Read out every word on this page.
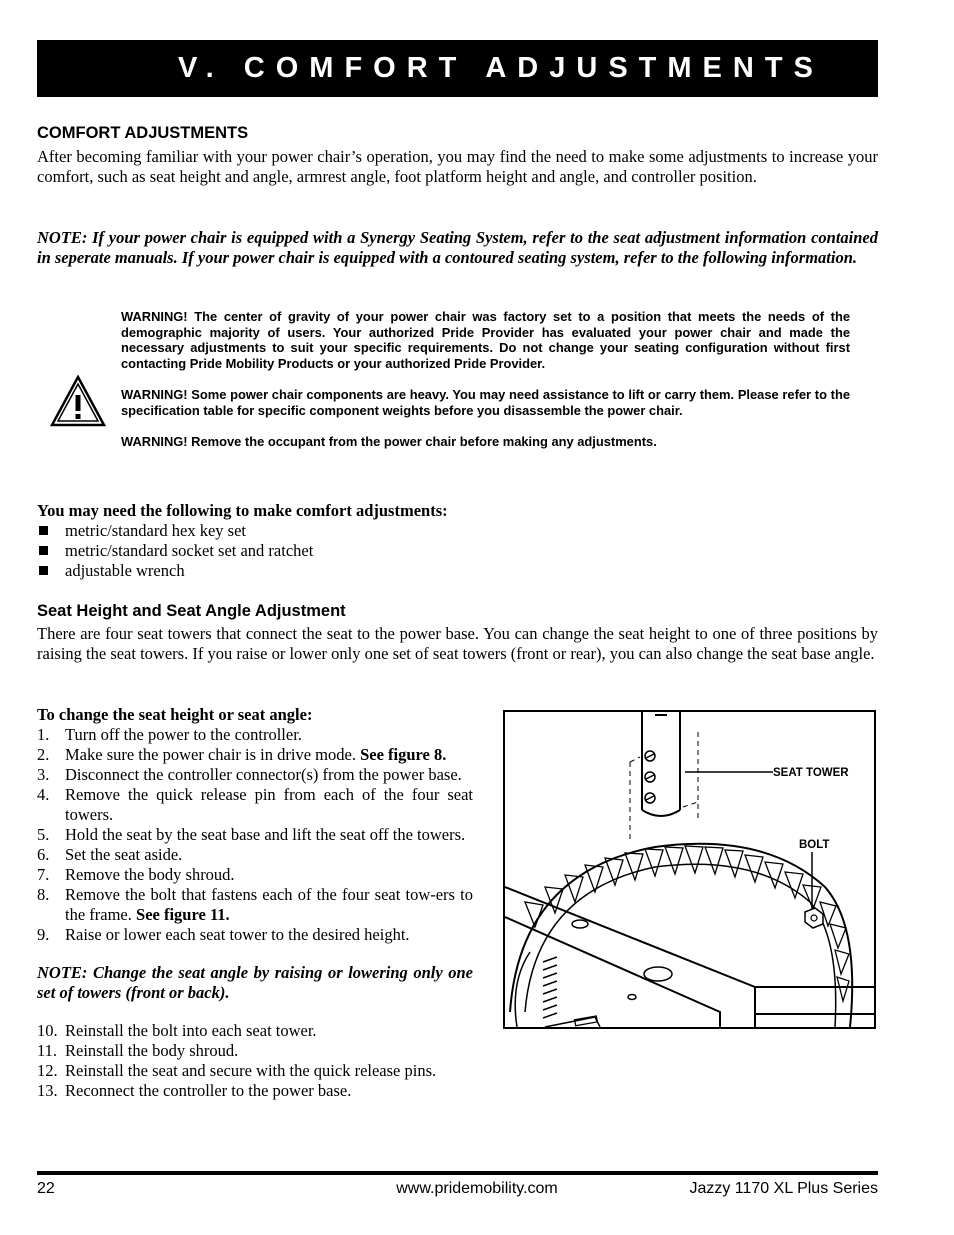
V. COMFORT ADJUSTMENTS
COMFORT ADJUSTMENTS
After becoming familiar with your power chair’s operation, you may find the need to make some adjustments to increase your comfort, such as seat height and angle, armrest angle, foot platform height and angle, and controller position.
NOTE: If your power chair is equipped with a Synergy Seating System, refer to the seat adjustment information contained in seperate manuals. If your power chair is equipped with a contoured seating system, refer to the following information.

WARNING! The center of gravity of your power chair was factory set to a position that meets the needs of the demographic majority of users. Your authorized Pride Provider has evaluated your power chair and made the necessary adjustments to suit your specific requirements. Do not change your seating configuration without first contacting Pride Mobility Products or your authorized Pride Provider.

WARNING! Some power chair components are heavy. You may need assistance to lift or carry them. Please refer to the specification table for specific component weights before you disassemble the power chair.

WARNING! Remove the occupant from the power chair before making any adjustments.

You may need the following to make comfort adjustments:
metric/standard hex key set
metric/standard socket set and ratchet
adjustable wrench
Seat Height and Seat Angle Adjustment
There are four seat towers that connect the seat to the power base. You can change the seat height to one of three positions by raising the seat towers. If you raise or lower only one set of seat towers (front or rear), you can also change the seat base angle.
To change the seat height or seat angle:
1. Turn off the power to the controller.
2. Make sure the power chair is in drive mode. See figure 8.
3. Disconnect the controller connector(s) from the power base.
4. Remove the quick release pin from each of the four seat towers.
5. Hold the seat by the seat base and lift the seat off the towers.
6. Set the seat aside.
7. Remove the body shroud.
8. Remove the bolt that fastens each of the four seat tow-ers to the frame. See figure 11.
9. Raise or lower each seat tower to the desired height.
NOTE: Change the seat angle by raising or lowering only one set of towers (front or back).
10. Reinstall the bolt into each seat tower.
11. Reinstall the body shroud.
12. Reinstall the seat and secure with the quick release pins.
13. Reconnect the controller to the power base.
SEAT TOWER
BOLT
22	www.pridemobility.com	Jazzy 1170 XL Plus Series
